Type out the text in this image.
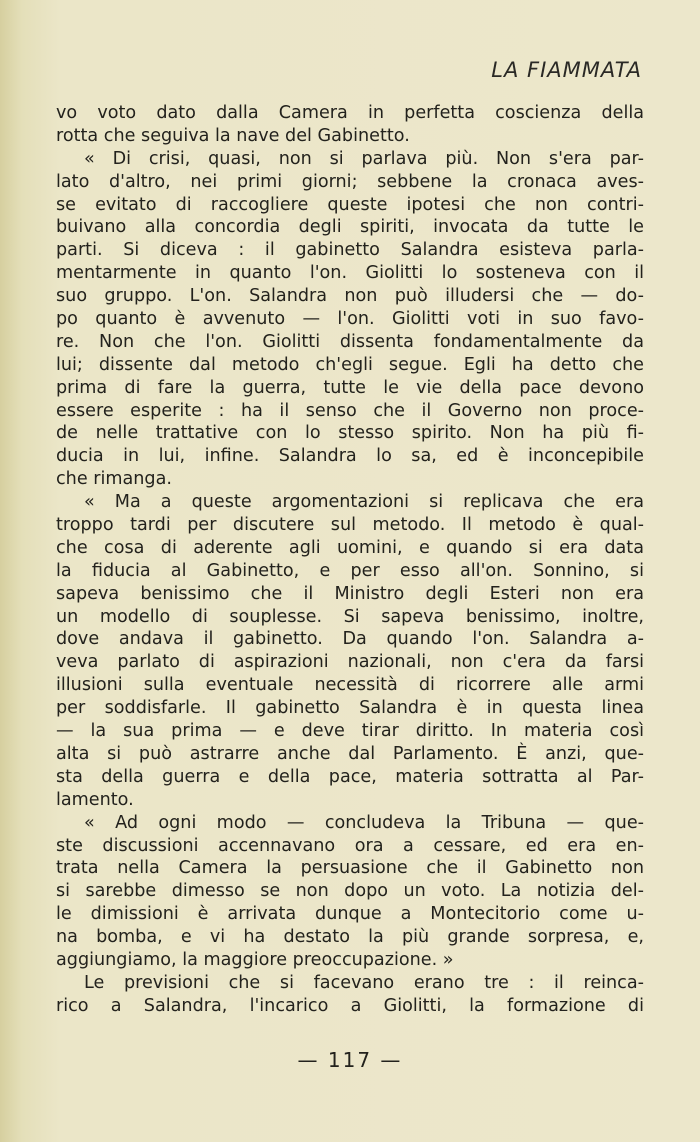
LA FIAMMATA
vo voto dato dalla Camera in perfetta coscienza della
rotta che seguiva la nave del Gabinetto.
« Di crisi, quasi, non si parlava più. Non s'era par-
lato d'altro, nei primi giorni; sebbene la cronaca aves-
se evitato di raccogliere queste ipotesi che non contri-
buivano alla concordia degli spiriti, invocata da tutte le
parti. Si diceva : il gabinetto Salandra esisteva parla-
mentarmente in quanto l'on. Giolitti lo sosteneva con il
suo gruppo. L'on. Salandra non può illudersi che — do-
po quanto è avvenuto — l'on. Giolitti voti in suo favo-
re. Non che l'on. Giolitti dissenta fondamentalmente da
lui; dissente dal metodo ch'egli segue. Egli ha detto che
prima di fare la guerra, tutte le vie della pace devono
essere esperite : ha il senso che il Governo non proce-
de nelle trattative con lo stesso spirito. Non ha più fi-
ducia in lui, infine. Salandra lo sa, ed è inconcepibile
che rimanga.
« Ma a queste argomentazioni si replicava che era
troppo tardi per discutere sul metodo. Il metodo è qual-
che cosa di aderente agli uomini, e quando si era data
la fiducia al Gabinetto, e per esso all'on. Sonnino, si
sapeva benissimo che il Ministro degli Esteri non era
un modello di souplesse. Si sapeva benissimo, inoltre,
dove andava il gabinetto. Da quando l'on. Salandra a-
veva parlato di aspirazioni nazionali, non c'era da farsi
illusioni sulla eventuale necessità di ricorrere alle armi
per soddisfarle. Il gabinetto Salandra è in questa linea
— la sua prima — e deve tirar diritto. In materia così
alta si può astrarre anche dal Parlamento. È anzi, que-
sta della guerra e della pace, materia sottratta al Par-
lamento.
« Ad ogni modo — concludeva la Tribuna — que-
ste discussioni accennavano ora a cessare, ed era en-
trata nella Camera la persuasione che il Gabinetto non
si sarebbe dimesso se non dopo un voto. La notizia del-
le dimissioni è arrivata dunque a Montecitorio come u-
na bomba, e vi ha destato la più grande sorpresa, e,
aggiungiamo, la maggiore preoccupazione. »
Le previsioni che si facevano erano tre : il reinca-
rico a Salandra, l'incarico a Giolitti, la formazione di
— 117 —
